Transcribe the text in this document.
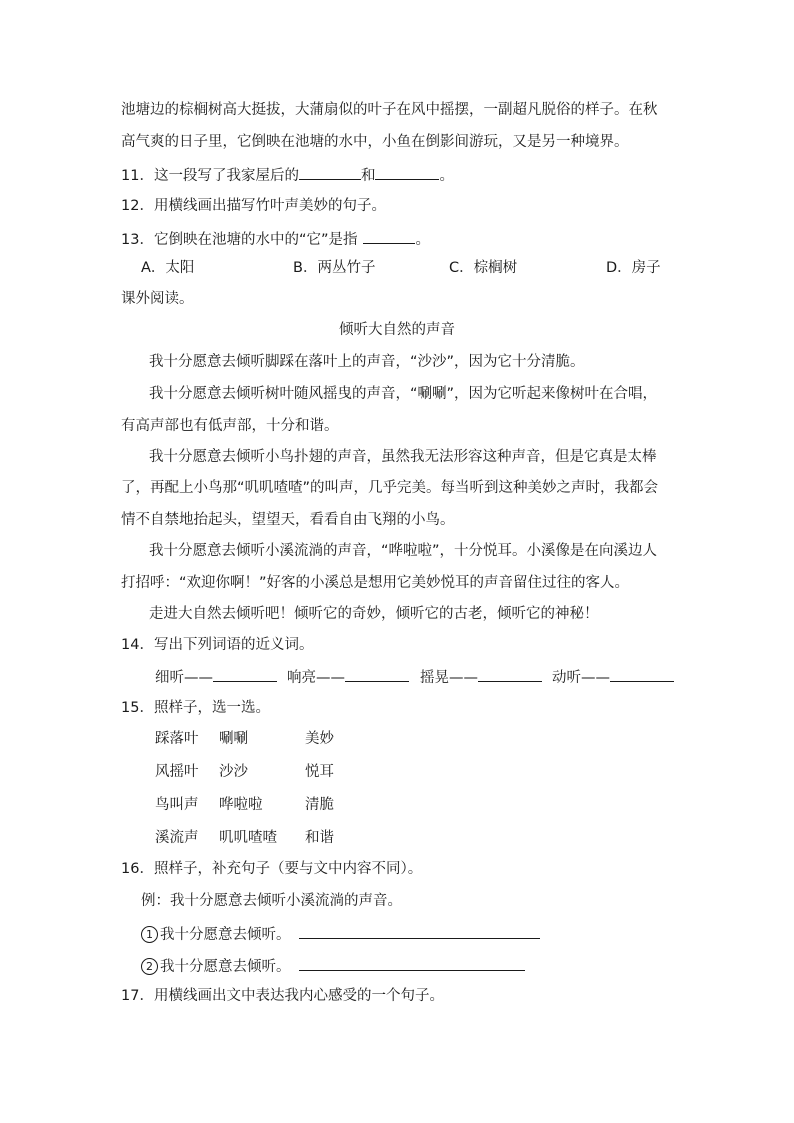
池塘边的棕榈树高大挺拔，大蒲扇似的叶子在风中摇摆，一副超凡脱俗的样子。在秋
高气爽的日子里，它倒映在池塘的水中，小鱼在倒影间游玩，又是另一种境界。
11．这一段写了我家屋后的	和	。
12．用横线画出描写竹叶声美妙的句子。
13．它倒映在池塘的水中的“它”是指	。
A．太阳	B．两丛竹子	C．棕榈树	D．房子
课外阅读。
倾听大自然的声音
我十分愿意去倾听脚踩在落叶上的声音，“沙沙”，因为它十分清脆。
我十分愿意去倾听树叶随风摇曳的声音，“唰唰”，因为它听起来像树叶在合唱，
有高声部也有低声部，十分和谐。
我十分愿意去倾听小鸟扑翅的声音，虽然我无法形容这种声音，但是它真是太棒
了，再配上小鸟那“叽叽喳喳”的叫声，几乎完美。每当听到这种美妙之声时，我都会
情不自禁地抬起头，望望天，看看自由飞翔的小鸟。
我十分愿意去倾听小溪流淌的声音，“哗啦啦”，十分悦耳。小溪像是在向溪边人
打招呼：“欢迎你啊！”好客的小溪总是想用它美妙悦耳的声音留住过往的客人。
走进大自然去倾听吧！倾听它的奇妙，倾听它的古老，倾听它的神秘！
14．写出下列词语的近义词。
细听——	响亮——	摇晃——	动听——
15．照样子，选一选。
踩落叶 唰唰	美妙
风摇叶 沙沙	悦耳
鸟叫声 哗啦啦	清脆
溪流声 叽叽喳喳 和谐
16．照样子，补充句子（要与文中内容不同）。
例：我十分愿意去倾听小溪流淌的声音。
1 我十分愿意去倾听。
2 我十分愿意去倾听。
17．用横线画出文中表达我内心感受的一个句子。
